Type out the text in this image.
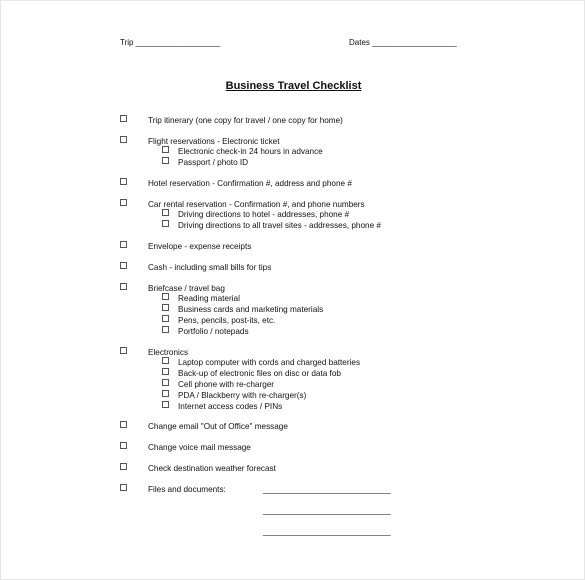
Trip ___________________	Dates ___________________
Business Travel Checklist
Trip itinerary (one copy for travel / one copy for home)
Flight reservations - Electronic ticket
Electronic check-in 24 hours in advance
Passport / photo ID
Hotel reservation - Confirmation #, address and phone #
Car rental reservation - Confirmation #, and phone numbers
Driving directions to hotel - addresses, phone #
Driving directions to all travel sites - addresses, phone #
Envelope - expense receipts
Cash - including small bills for tips
Briefcase / travel bag
Reading material
Business cards and marketing materials
Pens, pencils, post-its, etc.
Portfolio / notepads
Electronics
Laptop computer with cords and charged batteries
Back-up of electronic files on disc or data fob
Cell phone with re-charger
PDA / Blackberry with re-charger(s)
Internet access codes / PINs
Change email "Out of Office" message
Change voice mail message
Check destination weather forecast
Files and documents:	______________________________
______________________________
______________________________
